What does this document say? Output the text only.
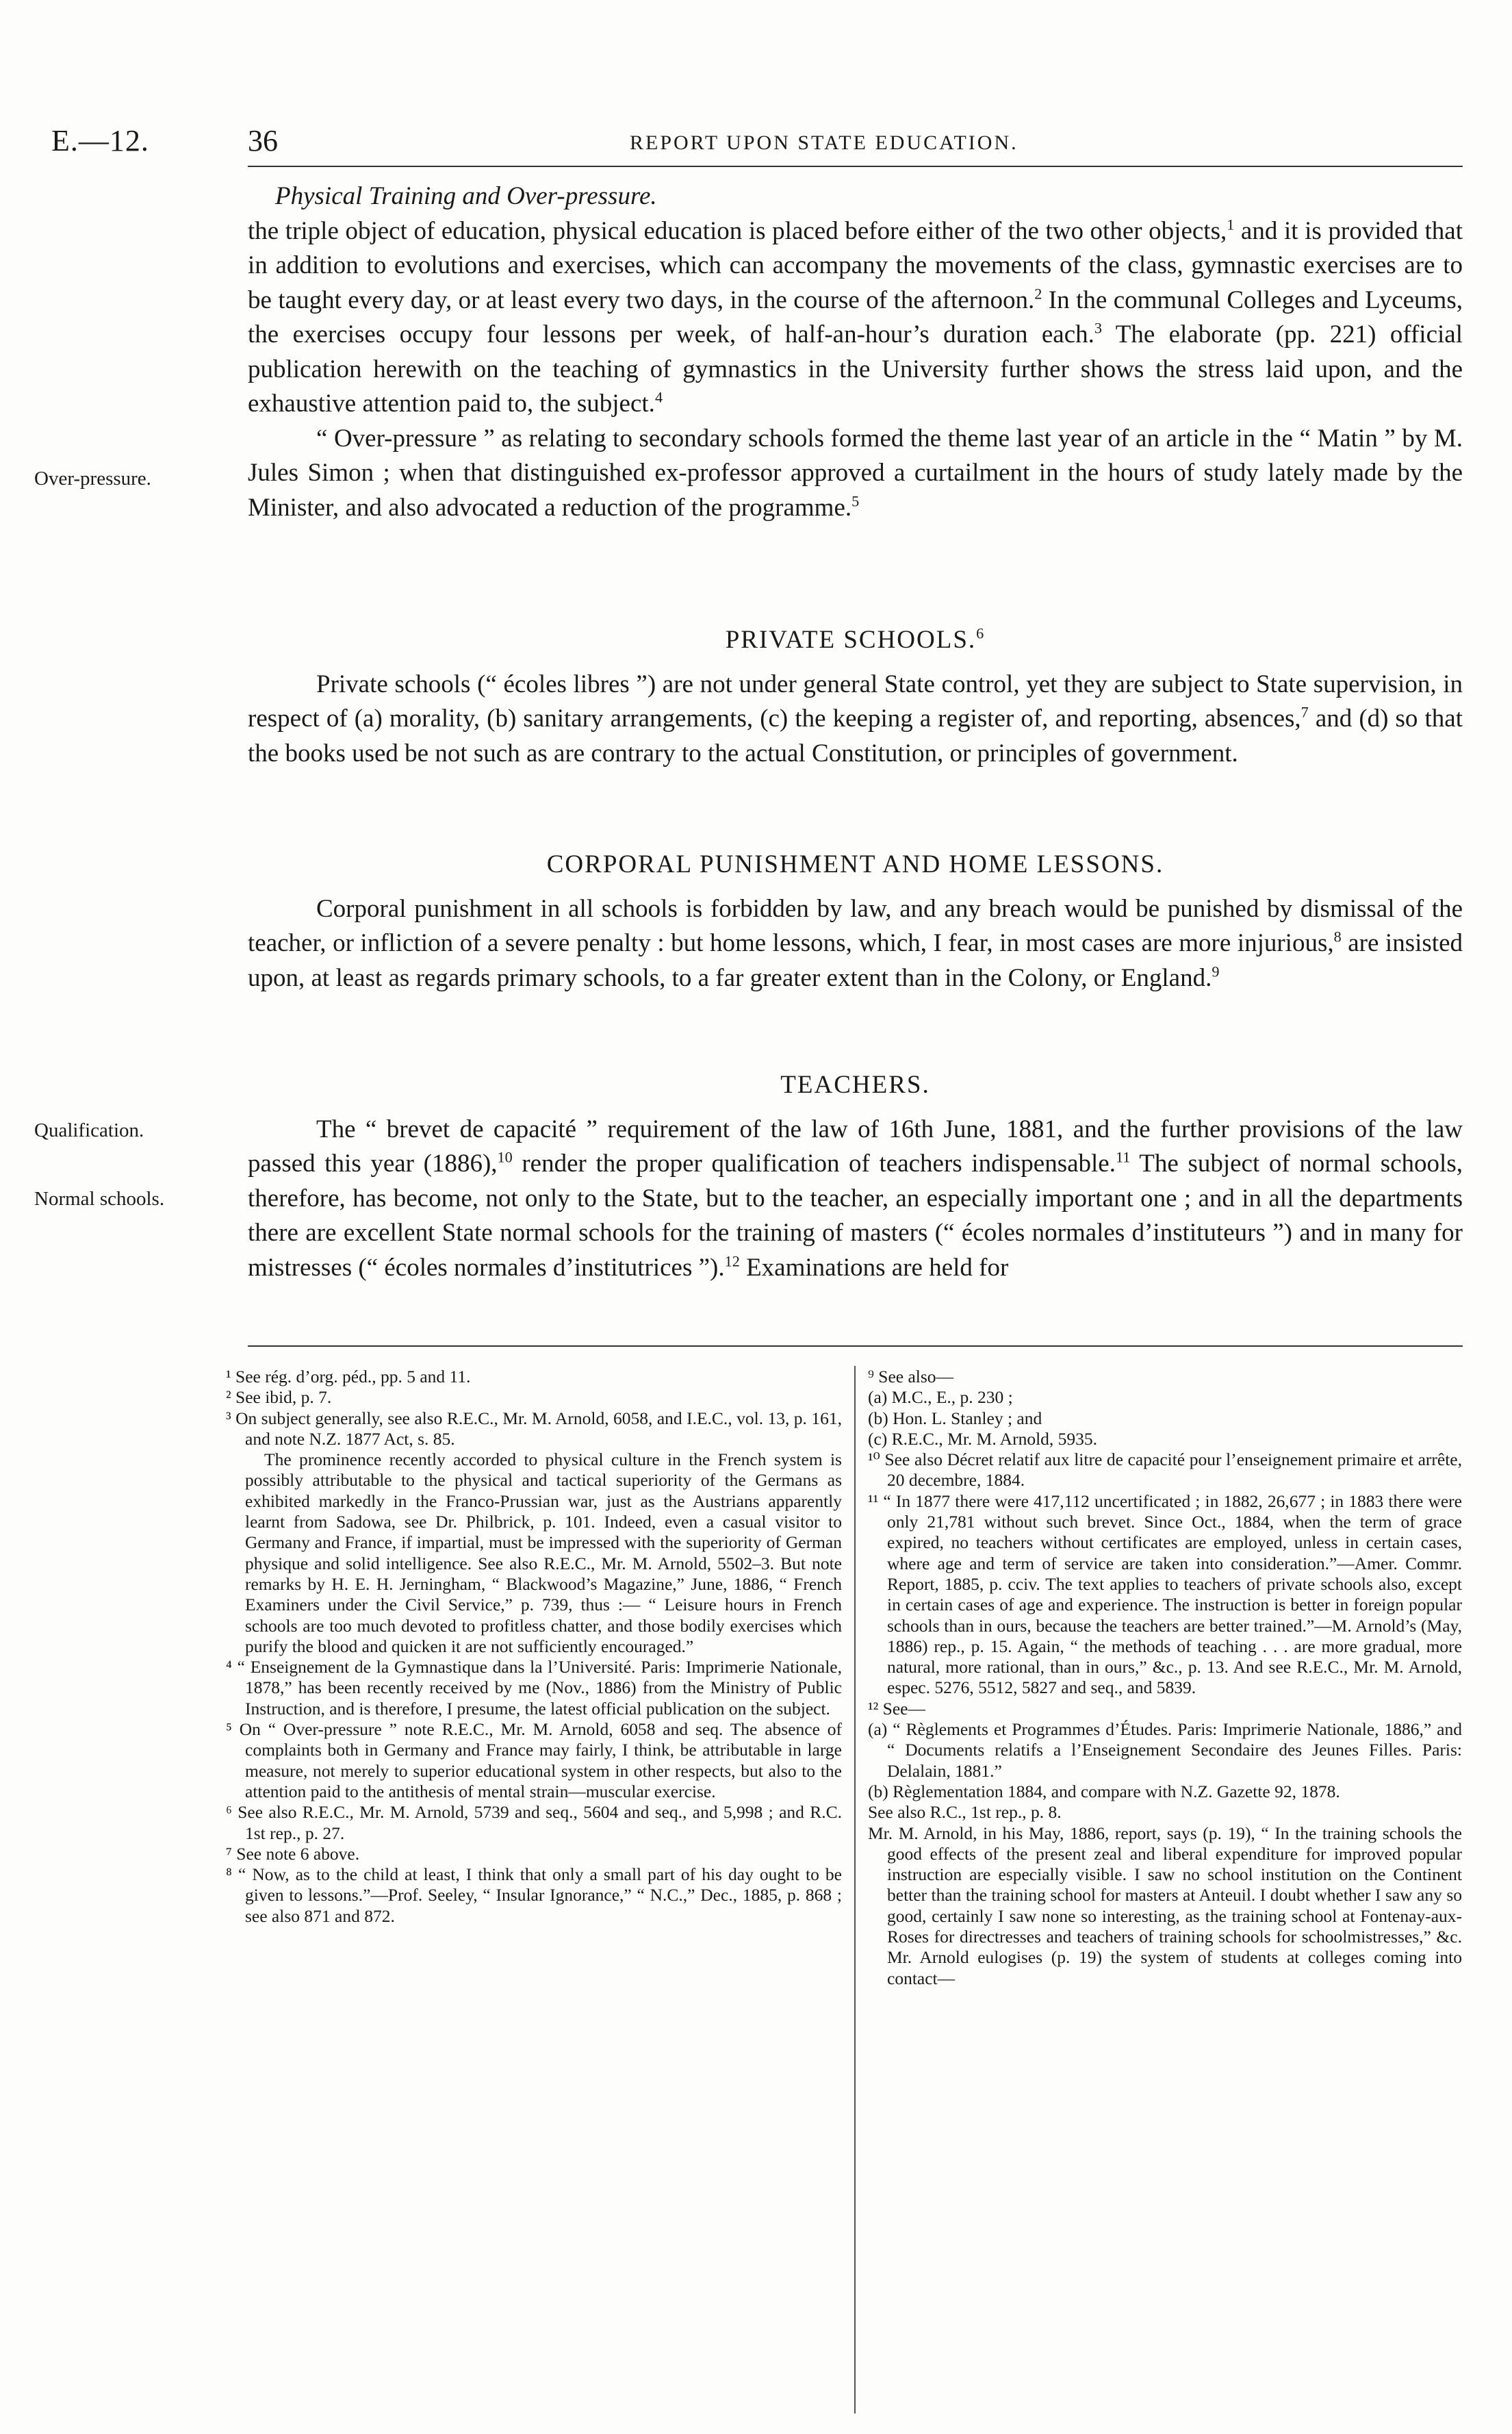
E.—12.	36	REPORT UPON STATE EDUCATION.
Over-pressure.
Qualification.
Normal schools.

Physical Training and Over-pressure.

the triple object of education, physical education is placed before either of the two other objects,$^1$ and it is provided that in addition to evolutions and exercises, which can accompany the movements of the class, gymnastic exercises are to be taught every day, or at least every two days, in the course of the afternoon.$^2$ In the communal Colleges and Lyceums, the exercises occupy four lessons per week, of half-an-hour’s duration each.$^3$ The elaborate (pp. 221) official publication herewith on the teaching of gymnastics in the University further shows the stress laid upon, and the exhaustive attention paid to, the subject.$^4$

“ Over-pressure ” as relating to secondary schools formed the theme last year of an article in the “ Matin ” by M. Jules Simon ; when that distinguished ex-professor approved a curtailment in the hours of study lately made by the Minister, and also advocated a reduction of the programme.$^5$

PRIVATE SCHOOLS.$^6$

Private schools (“ écoles libres ”) are not under general State control, yet they are subject to State supervision, in respect of (a) morality, (b) sanitary arrangements, (c) the keeping a register of, and reporting, absences,$^7$ and (d) so that the books used be not such as are contrary to the actual Constitution, or principles of government.

CORPORAL PUNISHMENT AND HOME LESSONS.

Corporal punishment in all schools is forbidden by law, and any breach would be punished by dismissal of the teacher, or infliction of a severe penalty : but home lessons, which, I fear, in most cases are more injurious,$^8$ are insisted upon, at least as regards primary schools, to a far greater extent than in the Colony, or England.$^9$

TEACHERS.

The “ brevet de capacité ” requirement of the law of 16th June, 1881, and the further provisions of the law passed this year (1886),$^{10}$ render the proper qualification of teachers indispensable.$^{11}$ The subject of normal schools, therefore, has become, not only to the State, but to the teacher, an especially important one ; and in all the departments there are excellent State normal schools for the training of masters (“ écoles normales d’instituteurs ”) and in many for mistresses (“ écoles normales d’institutrices ”).$^{12}$ Examinations are held for

¹ See rég. d’org. péd., pp. 5 and 11.

² See ibid, p. 7.

³ On subject generally, see also R.E.C., Mr. M. Arnold, 6058, and I.E.C., vol. 13, p. 161, and note N.Z. 1877 Act, s. 85.

The prominence recently accorded to physical culture in the French system is possibly attributable to the physical and tactical superiority of the Germans as exhibited markedly in the Franco-Prussian war, just as the Austrians apparently learnt from Sadowa, see Dr. Philbrick, p. 101. Indeed, even a casual visitor to Germany and France, if impartial, must be impressed with the superiority of German physique and solid intelligence. See also R.E.C., Mr. M. Arnold, 5502–3. But note remarks by H. E. H. Jerningham, “ Blackwood’s Magazine,” June, 1886, “ French Examiners under the Civil Service,” p. 739, thus :— “ Leisure hours in French schools are too much devoted to profitless chatter, and those bodily exercises which purify the blood and quicken it are not sufficiently encouraged.”

⁴ “ Enseignement de la Gymnastique dans la l’Université. Paris: Imprimerie Nationale, 1878,” has been recently received by me (Nov., 1886) from the Ministry of Public Instruction, and is therefore, I presume, the latest official publication on the subject.

⁵ On “ Over-pressure ” note R.E.C., Mr. M. Arnold, 6058 and seq. The absence of complaints both in Germany and France may fairly, I think, be attributable in large measure, not merely to superior educational system in other respects, but also to the attention paid to the antithesis of mental strain—muscular exercise.

⁶ See also R.E.C., Mr. M. Arnold, 5739 and seq., 5604 and seq., and 5,998 ; and R.C. 1st rep., p. 27.

⁷ See note 6 above.

⁸ “ Now, as to the child at least, I think that only a small part of his day ought to be given to lessons.”—Prof. Seeley, “ Insular Ignorance,” “ N.C.,” Dec., 1885, p. 868 ; see also 871 and 872.

⁹ See also—

(a) M.C., E., p. 230 ;

(b) Hon. L. Stanley ; and

(c) R.E.C., Mr. M. Arnold, 5935.

¹⁰ See also Décret relatif aux litre de capacité pour l’enseignement primaire et arrête, 20 decembre, 1884.

¹¹ “ In 1877 there were 417,112 uncertificated ; in 1882, 26,677 ; in 1883 there were only 21,781 without such brevet. Since Oct., 1884, when the term of grace expired, no teachers without certificates are employed, unless in certain cases, where age and term of service are taken into consideration.”—Amer. Commr. Report, 1885, p. cciv. The text applies to teachers of private schools also, except in certain cases of age and experience. The instruction is better in foreign popular schools than in ours, because the teachers are better trained.”—M. Arnold’s (May, 1886) rep., p. 15. Again, “ the methods of teaching . . . are more gradual, more natural, more rational, than in ours,” &c., p. 13. And see R.E.C., Mr. M. Arnold, espec. 5276, 5512, 5827 and seq., and 5839.

¹² See—

(a) “ Règlements et Programmes d’Études. Paris: Imprimerie Nationale, 1886,” and “ Documents relatifs a l’Enseignement Secondaire des Jeunes Filles. Paris: Delalain, 1881.”

(b) Règlementation 1884, and compare with N.Z. Gazette 92, 1878.

See also R.C., 1st rep., p. 8.

Mr. M. Arnold, in his May, 1886, report, says (p. 19), “ In the training schools the good effects of the present zeal and liberal expenditure for improved popular instruction are especially visible. I saw no school institution on the Continent better than the training school for masters at Anteuil. I doubt whether I saw any so good, certainly I saw none so interesting, as the training school at Fontenay-aux-Roses for directresses and teachers of training schools for schoolmistresses,” &c. Mr. Arnold eulogises (p. 19) the system of students at colleges coming into contact—
